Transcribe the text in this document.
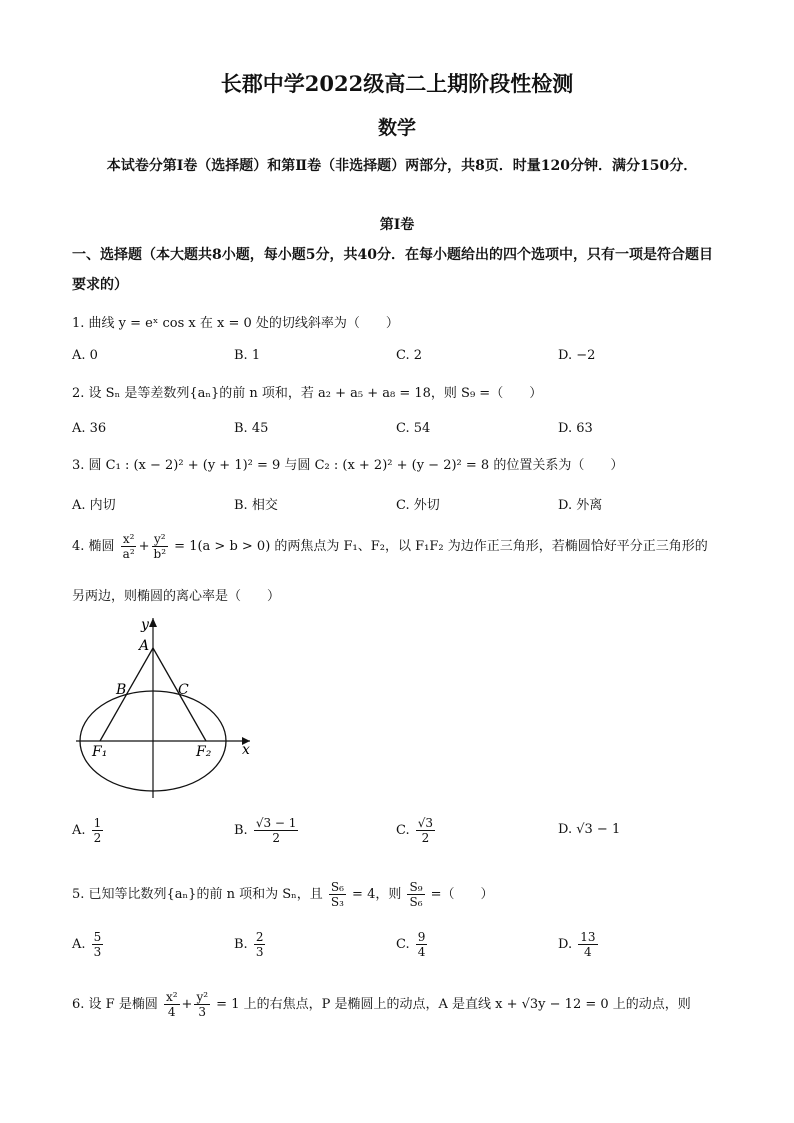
长郡中学2022级高二上期阶段性检测
数学
本试卷分第Ⅰ卷（选择题）和第Ⅱ卷（非选择题）两部分，共8页．时量120分钟．满分150分．
第Ⅰ卷
一、选择题（本大题共8小题，每小题5分，共40分．在每小题给出的四个选项中，只有一项是符合题目要求的）
1. 曲线 y = eˣ cos x 在 x = 0 处的切线斜率为（　　）
A. 0	B. 1	C. 2	D. −2
2. 设 Sₙ 是等差数列{aₙ}的前 n 项和，若 a₂ + a₅ + a₈ = 18，则 S₉ =（　　）
A. 36	B. 45	C. 54	D. 63
3. 圆 C₁ : (x − 2)² + (y + 1)² = 9 与圆 C₂ : (x + 2)² + (y − 2)² = 8 的位置关系为（　　）
A. 内切	B. 相交	C. 外切	D. 外离
4. 椭圆 $\frac{\text{x²}}{\text{a²}} + \frac{\text{y²}}{\text{b²}} = 1(a > b > 0)$ 的两焦点为 F₁、F₂，以 F₁F₂ 为边作正三角形，若椭圆恰好平分正三角形的
另两边，则椭圆的离心率是（　　）
y
x
A
B	C
F₁	F₂
A. $\frac{1}{2}$	B. $\frac{√3 - 1}{2}$	C. $\frac{√3}{2}$	D. √3 − 1
5. 已知等比数列{aₙ}的前 n 项和为 Sₙ，且 $\frac{\text{S₆}}{\text{S₃}} = 4$，则 $\frac{\text{S₉}}{\text{S₆}}$ =（　　）
A. $\frac{5}{3}$	B. $\frac{2}{3}$	C. $\frac{9}{4}$	D. $\frac{13}{4}$
6. 设 F 是椭圆 $\frac{\text{x²}}{4} + \frac{\text{y²}}{3} = 1$ 上的右焦点，P 是椭圆上的动点，A 是直线 x + √3y − 12 = 0 上的动点，则
